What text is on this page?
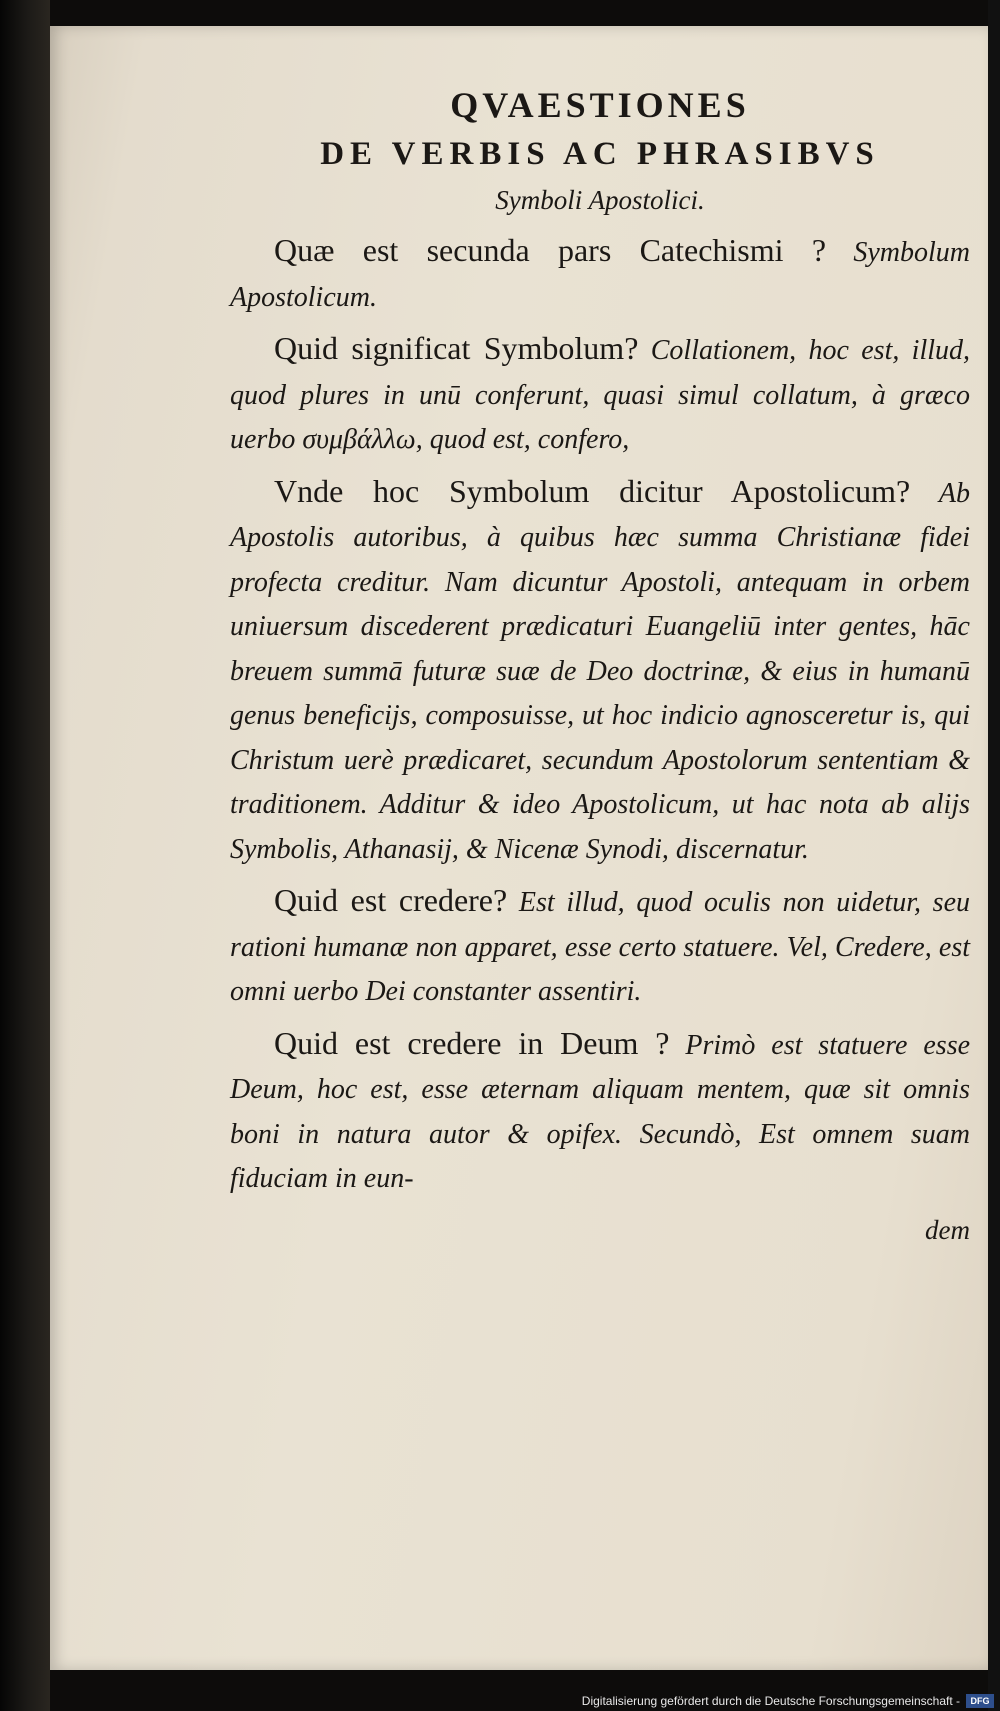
QVAESTIONES

DE VERBIS AC PHRASIBVS

Symboli Apostolici.

Quæ est secunda pars Catechismi ? Symbolum Apostolicum.

Quid significat Symbolum? Collationem, hoc est, illud, quod plures in unū conferunt, quasi simul collatum, à græco uerbo συμβάλλω, quod est, confero,

Vnde hoc Symbolum dicitur Apostolicum? Ab Apostolis autoribus, à quibus hæc summa Christianæ fidei profecta creditur. Nam dicuntur Apostoli, antequam in orbem uniuersum discederent prædicaturi Euangeliū inter gentes, hāc breuem summā futuræ suæ de Deo doctrinæ, & eius in humanū genus beneficijs, composuisse, ut hoc indicio agnosceretur is, qui Christum uerè prædicaret, secundum Apostolorum sententiam & traditionem. Additur & ideo Apostolicum, ut hac nota ab alijs Symbolis, Athanasij, & Nicenæ Synodi, discernatur.

Quid est credere? Est illud, quod oculis non uidetur, seu rationi humanæ non apparet, esse certo statuere. Vel, Credere, est omni uerbo Dei constanter assentiri.

Quid est credere in Deum ? Primò est statuere esse Deum, hoc est, esse æternam aliquam mentem, quæ sit omnis boni in natura autor & opifex. Secundò, Est omnem suam fiduciam in eun-

dem

Digitalisierung gefördert durch die Deutsche Forschungsgemeinschaft -	DFG
